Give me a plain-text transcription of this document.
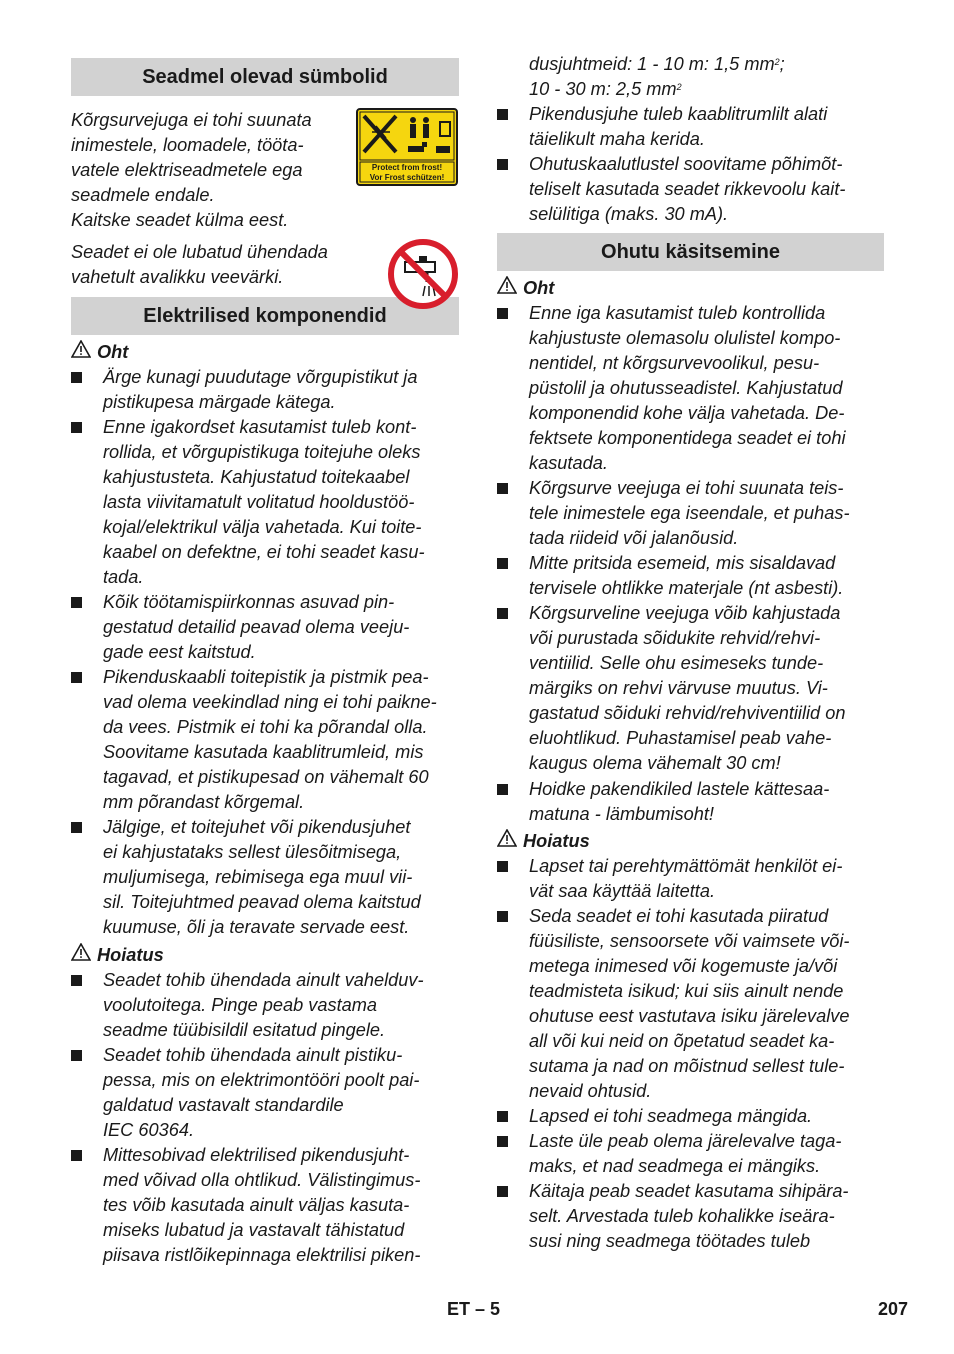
Seadmel olevad sümbolid
Kõrgsurvejuga ei tohi suunata
inimestele, loomadele, tööta-
vatele elektriseadmetele ega
seadmele endale.
Kaitske seadet külma eest.
Protect from frost!
Vor Frost schützen!
Seadet ei ole lubatud ühendada
vahetult avalikku veevärki.
Elektrilised komponendid
Oht
Ärge kunagi puudutage võrgupistikut ja
pistikupesa märgade kätega.
Enne igakordset kasutamist tuleb kont-
rollida, et võrgupistikuga toitejuhe oleks
kahjustusteta. Kahjustatud toitekaabel
lasta viivitamatult volitatud hooldustöö-
kojal/elektrikul välja vahetada. Kui toite-
kaabel on defektne, ei tohi seadet kasu-
tada.
Kõik töötamispiirkonnas asuvad pin-
gestatud detailid peavad olema veeju-
gade eest kaitstud.
Pikenduskaabli toitepistik ja pistmik pea-
vad olema veekindlad ning ei tohi paikne-
da vees. Pistmik ei tohi ka põrandal olla.
Soovitame kasutada kaablitrumleid, mis
tagavad, et pistikupesad on vähemalt 60
mm põrandast kõrgemal.
Jälgige, et toitejuhet või pikendusjuhet
ei kahjustataks sellest ülesõitmisega,
muljumisega, rebimisega ega muul vii-
sil. Toitejuhtmed peavad olema kaitstud
kuumuse, õli ja teravate servade eest.
Hoiatus
Seadet tohib ühendada ainult vahelduv-
voolutoitega. Pinge peab vastama
seadme tüübisildil esitatud pingele.
Seadet tohib ühendada ainult pistiku-
pessa, mis on elektrimontööri poolt pai-
galdatud vastavalt standardile
IEC 60364.
Mittesobivad elektrilised pikendusjuht-
med võivad olla ohtlikud. Välistingimus-
tes võib kasutada ainult väljas kasuta-
miseks lubatud ja vastavalt tähistatud
piisava ristlõikepinnaga elektrilisi piken-
dusjuhtmeid: 1 - 10 m: 1,5 $mm^2$;
10 - 30 m: 2,5 $mm^2$
Pikendusjuhe tuleb kaablitrumlilt alati
täielikult maha kerida.
Ohutuskaalutlustel soovitame põhimõt-
teliselt kasutada seadet rikkevoolu kait-
selülitiga (maks. 30 mA).
Ohutu käsitsemine
Oht
Enne iga kasutamist tuleb kontrollida
kahjustuste olemasolu olulistel kompo-
nentidel, nt kõrgsurvevoolikul, pesu-
püstolil ja ohutusseadistel. Kahjustatud
komponendid kohe välja vahetada. De-
fektsete komponentidega seadet ei tohi
kasutada.
Kõrgsurve veejuga ei tohi suunata teis-
tele inimestele ega iseendale, et puhas-
tada riideid või jalanõusid.
Mitte pritsida esemeid, mis sisaldavad
tervisele ohtlikke materjale (nt asbesti).
Kõrgsurveline veejuga võib kahjustada
või purustada sõidukite rehvid/rehvi-
ventiilid. Selle ohu esimeseks tunde-
märgiks on rehvi värvuse muutus. Vi-
gastatud sõiduki rehvid/rehviventiilid on
eluohtlikud. Puhastamisel peab vahe-
kaugus olema vähemalt 30 cm!
Hoidke pakendikiled lastele kättesaa-
matuna - lämbumisoht!
Hoiatus
Lapset tai perehtymättömät henkilöt ei-
vät saa käyttää laitetta.
Seda seadet ei tohi kasutada piiratud
füüsiliste, sensoorsete või vaimsete või-
metega inimesed või kogemuste ja/või
teadmisteta isikud; kui siis ainult nende
ohutuse eest vastutava isiku järelevalve
all või kui neid on õpetatud seadet ka-
sutama ja nad on mõistnud sellest tule-
nevaid ohtusid.
Lapsed ei tohi seadmega mängida.
Laste üle peab olema järelevalve taga-
maks, et nad seadmega ei mängiks.
Käitaja peab seadet kasutama sihipära-
selt. Arvestada tuleb kohalikke iseära-
susi ning seadmega töötades tuleb
ET – 5	207
